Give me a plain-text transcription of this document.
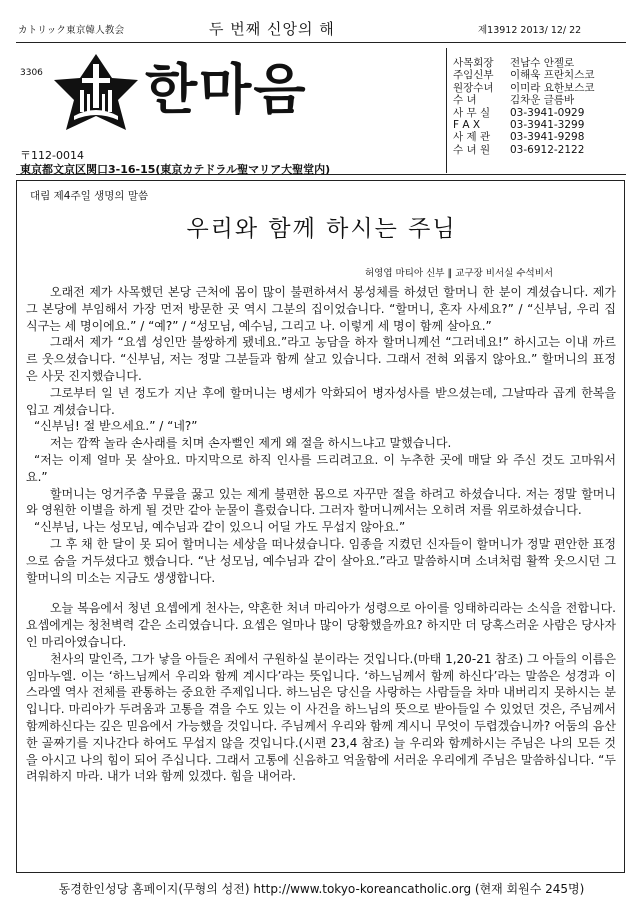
カトリック東京韓人教会	두 번째 신앙의 해	제13912 2013/ 12/ 22
3306 한마음
〒112-0014
東京都文京区関口3-16-15(東京カテドラル聖マリア大聖堂内)
사목회장	전남수 안젤로
주임신부	이해욱 프란치스코
원장수녀	이미라 요한보스코
수 녀	김차운 글름바
사 무 실	03-3941-0929
F A X	03-3941-3299
사 제 관	03-3941-9298
수 녀 원	03-6912-2122
대림 제4주일 생명의 말씀
우리와 함께 하시는 주님
허영엽 마티아 신부 ‖ 교구장 비서실 수석비서

오래전 제가 사목했던 본당 근처에 몸이 많이 불편하셔서 봉성체를 하셨던 할머니 한 분이 계셨습니다. 제가 그 본당에 부임해서 가장 먼저 방문한 곳 역시 그분의 집이었습니다. “할머니, 혼자 사세요?” / “신부님, 우리 집 식구는 세 명이에요.” / “예?” / “성모님, 예수님, 그리고 나. 이렇게 세 명이 함께 살아요.”

그래서 제가 “요셉 성인만 불쌍하게 됐네요.”라고 농담을 하자 할머니께선 “그러네요!” 하시고는 이내 까르르 웃으셨습니다. “신부님, 저는 정말 그분들과 함께 살고 있습니다. 그래서 전혀 외롭지 않아요.” 할머니의 표정은 사뭇 진지했습니다.

그로부터 일 년 정도가 지난 후에 할머니는 병세가 악화되어 병자성사를 받으셨는데, 그날따라 곱게 한복을 입고 계셨습니다.

“신부님! 절 받으세요.” / “네?”

저는 깜짝 놀라 손사래를 치며 손자뻘인 제게 왜 절을 하시느냐고 말했습니다.

“저는 이제 얼마 못 살아요. 마지막으로 하직 인사를 드리려고요. 이 누추한 곳에 매달 와 주신 것도 고마워서요.”

할머니는 엉거주춤 무릎을 꿇고 있는 제게 불편한 몸으로 자꾸만 절을 하려고 하셨습니다. 저는 정말 할머니와 영원한 이별을 하게 될 것만 같아 눈물이 흘렀습니다. 그러자 할머니께서는 오히려 저를 위로하셨습니다.

“신부님, 나는 성모님, 예수님과 같이 있으니 어딜 가도 무섭지 않아요.”

그 후 채 한 달이 못 되어 할머니는 세상을 떠나셨습니다. 임종을 지켰던 신자들이 할머니가 정말 편안한 표정으로 숨을 거두셨다고 했습니다. “난 성모님, 예수님과 같이 살아요.”라고 말씀하시며 소녀처럼 활짝 웃으시던 그 할머니의 미소는 지금도 생생합니다.

오늘 복음에서 청년 요셉에게 천사는, 약혼한 처녀 마리아가 성령으로 아이를 잉태하리라는 소식을 전합니다. 요셉에게는 청천벽력 같은 소리였습니다. 요셉은 얼마나 많이 당황했을까요? 하지만 더 당혹스러운 사람은 당사자인 마리아였습니다.

천사의 말인즉, 그가 낳을 아들은 죄에서 구원하실 분이라는 것입니다.(마태 1,20-21 참조) 그 아들의 이름은 임마누엘. 이는 ‘하느님께서 우리와 함께 계시다’라는 뜻입니다. ‘하느님께서 함께 하신다’라는 말씀은 성경과 이스라엘 역사 전체를 관통하는 중요한 주제입니다. 하느님은 당신을 사랑하는 사람들을 차마 내버리지 못하시는 분입니다. 마리아가 두려움과 고통을 겪을 수도 있는 이 사건을 하느님의 뜻으로 받아들일 수 있었던 것은, 주님께서 함께하신다는 깊은 믿음에서 가능했을 것입니다. 주님께서 우리와 함께 계시니 무엇이 두렵겠습니까? 어둠의 음산한 골짜기를 지나간다 하여도 무섭지 않을 것입니다.(시편 23,4 참조) 늘 우리와 함께하시는 주님은 나의 모든 것을 아시고 나의 힘이 되어 주십니다. 그래서 고통에 신음하고 억울함에 서러운 우리에게 주님은 말씀하십니다. “두려워하지 마라. 내가 너와 함께 있겠다. 힘을 내어라.

동경한인성당 홈페이지(무형의 성전) http://www.tokyo-koreancatholic.org (현재 회원수 245명)
